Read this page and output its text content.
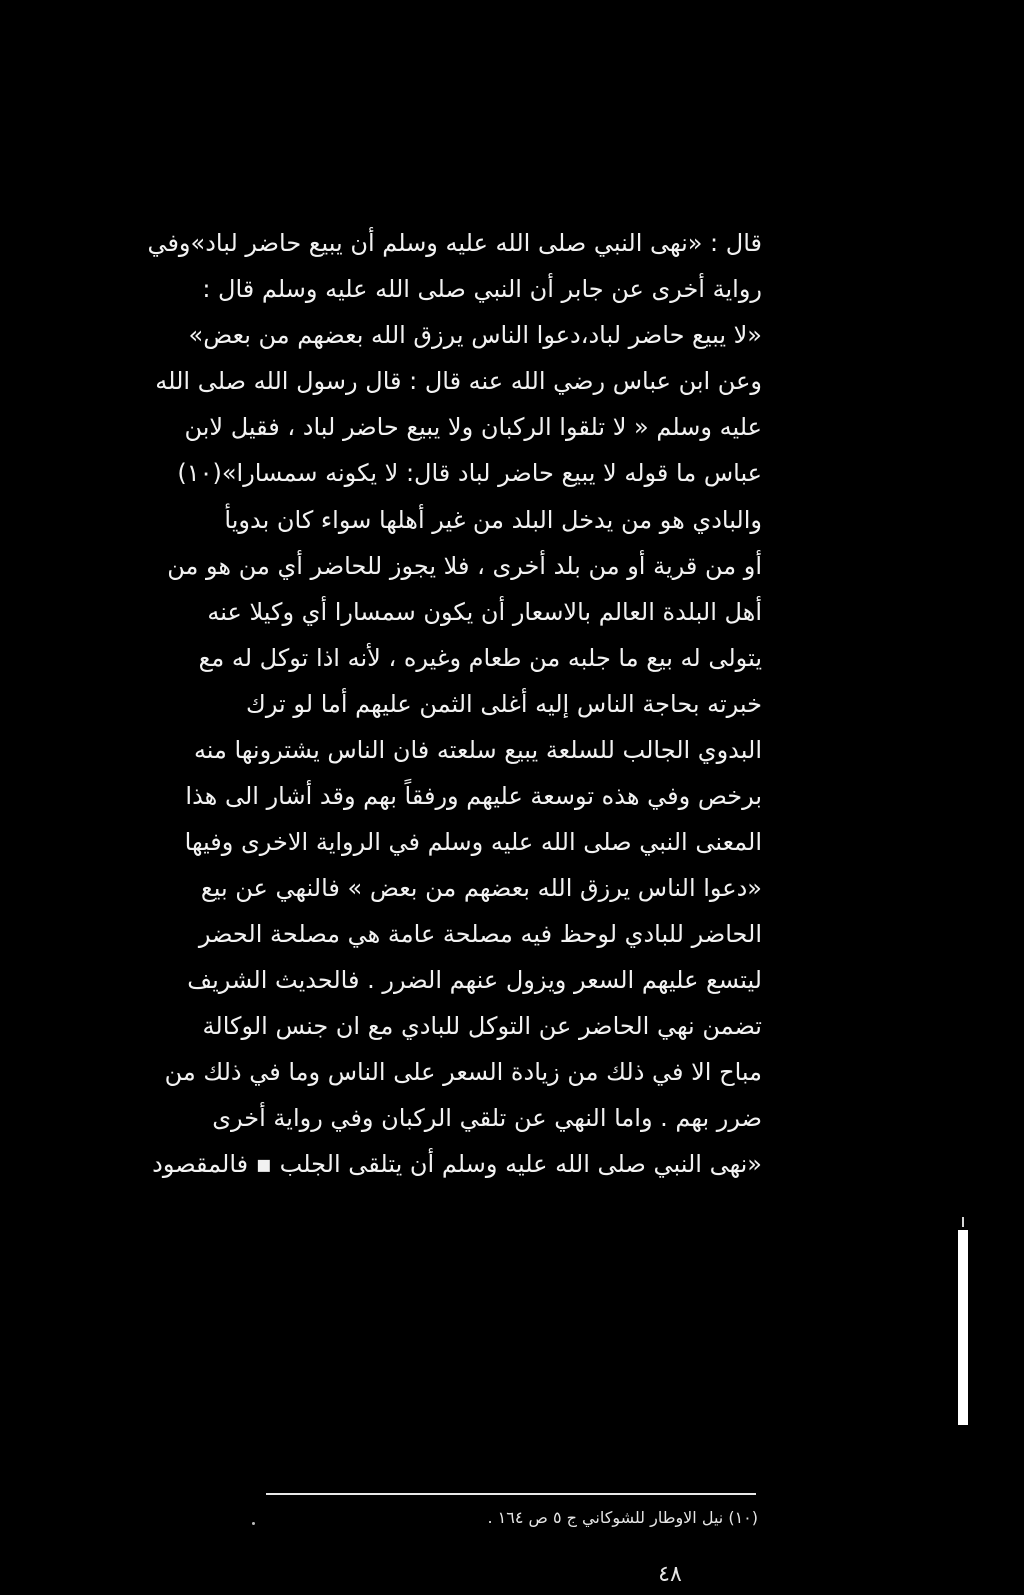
قال : «نهى النبي صلى الله عليه وسلم أن يبيع حاضر لباد»وفي
رواية أخرى عن جابر أن النبي صلى الله عليه وسلم قال :
«لا يبيع حاضر لباد،دعوا الناس يرزق الله بعضهم من بعض»
وعن ابن عباس رضي الله عنه قال : قال رسول الله صلى الله
عليه وسلم « لا تلقوا الركبان ولا يبيع حاضر لباد ، فقيل لابن
عباس ما قوله لا يبيع حاضر لباد قال: لا يكونه سمسارا»(١٠)
والبادي هو من يدخل البلد من غير أهلها سواء كان بدويأ
أو من قرية أو من بلد أخرى ، فلا يجوز للحاضر أي من هو من
أهل البلدة العالم بالاسعار أن يكون سمسارا أي وكيلا عنه
يتولى له بيع ما جلبه من طعام وغيره ، لأنه اذا توكل له مع
خبرته بحاجة الناس إليه أغلى الثمن عليهم أما لو ترك
البدوي الجالب للسلعة يبيع سلعته فان الناس يشترونها منه
برخص وفي هذه توسعة عليهم ورفقاً بهم وقد أشار الى هذا
المعنى النبي صلى الله عليه وسلم في الرواية الاخرى وفيها
«دعوا الناس يرزق الله بعضهم من بعض » فالنهي عن بيع
الحاضر للبادي لوحظ فيه مصلحة عامة هي مصلحة الحضر
ليتسع عليهم السعر ويزول عنهم الضرر . فالحديث الشريف
تضمن نهي الحاضر عن التوكل للبادي مع ان جنس الوكالة
مباح الا في ذلك من زيادة السعر على الناس وما في ذلك من
ضرر بهم . واما النهي عن تلقي الركبان وفي رواية أخرى
«نهى النبي صلى الله عليه وسلم أن يتلقى الجلب ▪ فالمقصود
(١٠) نيل الاوطار للشوكاني ج ٥ ص ١٦٤ .
٤٨
